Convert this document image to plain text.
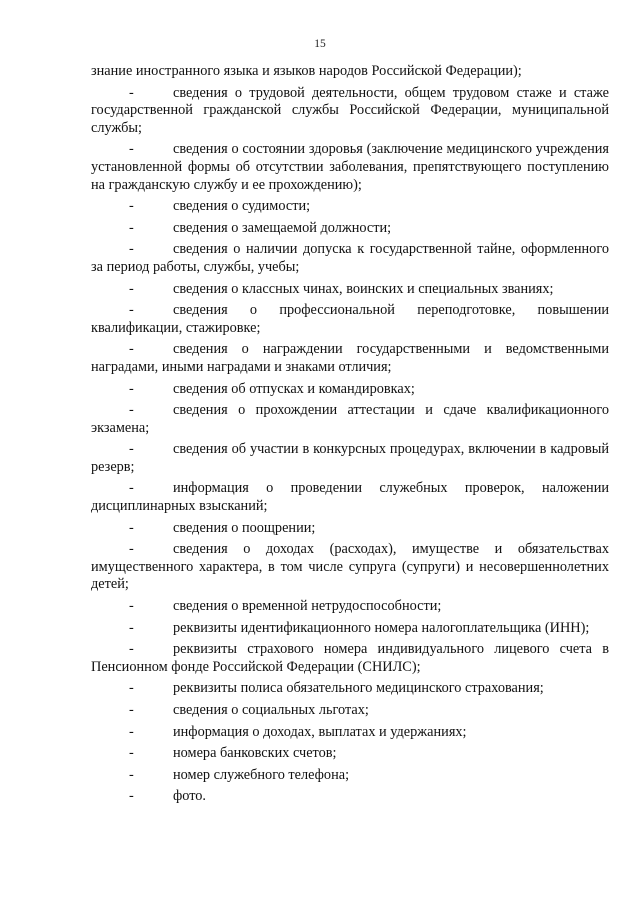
15

знание иностранного языка и языков народов Российской Федерации);

-	сведения о трудовой деятельности, общем трудовом стаже и стаже государственной гражданской службы Российской Федерации, муниципальной службы;
-	сведения о состоянии здоровья (заключение медицинского учреждения установленной формы об отсутствии заболевания, препятствующего поступлению на гражданскую службу и ее прохождению);
-	сведения о судимости;
-	сведения о замещаемой должности;
-	сведения о наличии допуска к государственной тайне, оформленного за период работы, службы, учебы;
-	сведения о классных чинах, воинских и специальных званиях;
-	сведения о профессиональной переподготовке, повышении квалификации, стажировке;
-	сведения о награждении государственными и ведомственными наградами, иными наградами и знаками отличия;
-	сведения об отпусках и командировках;
-	сведения о прохождении аттестации и сдаче квалификационного экзамена;
-	сведения об участии в конкурсных процедурах, включении в кадровый резерв;
-	информация о проведении служебных проверок, наложении дисциплинарных взысканий;
-	сведения о поощрении;
-	сведения о доходах (расходах), имуществе и обязательствах имущественного характера, в том числе супруга (супруги) и несовершеннолетних детей;
-	сведения о временной нетрудоспособности;
-	реквизиты идентификационного номера налогоплательщика (ИНН);
-	реквизиты страхового номера индивидуального лицевого счета в Пенсионном фонде Российской Федерации (СНИЛС);
-	реквизиты полиса обязательного медицинского страхования;
-	сведения о социальных льготах;
-	информация о доходах, выплатах и удержаниях;
-	номера банковских счетов;
-	номер служебного телефона;
-	фото.
